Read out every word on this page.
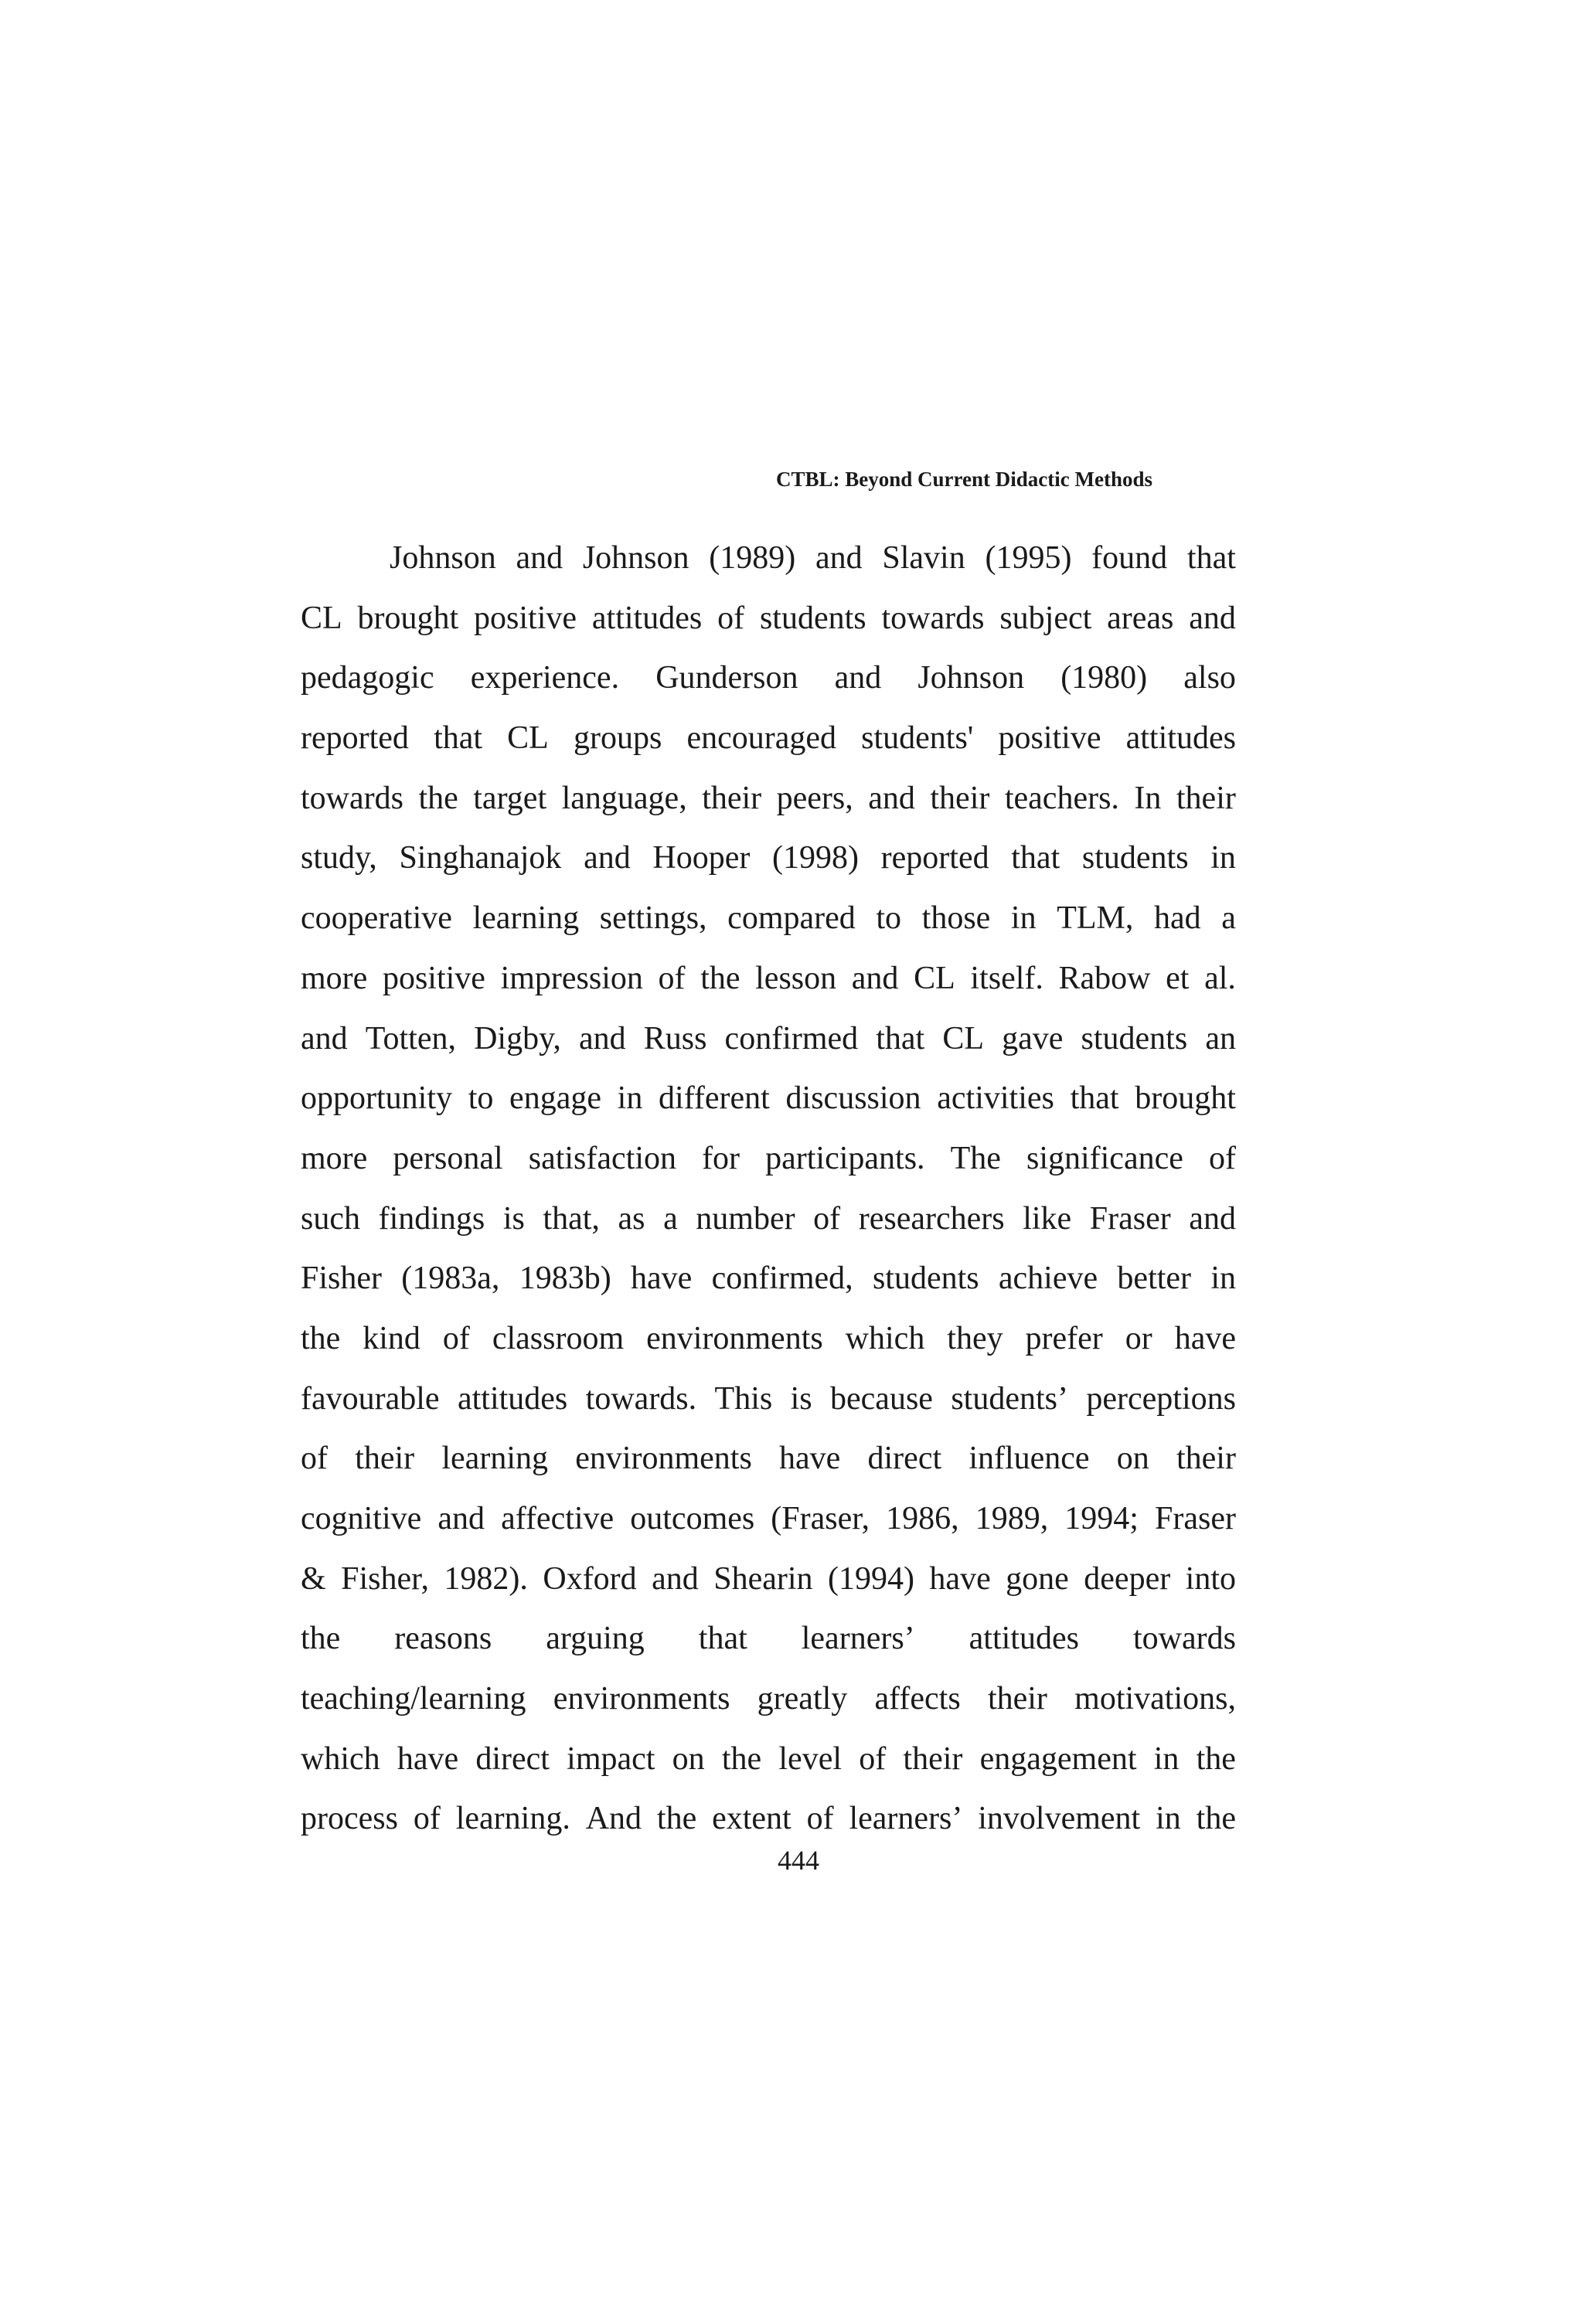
CTBL: Beyond Current Didactic Methods
Johnson and Johnson (1989) and Slavin (1995) found that
CL brought positive attitudes of students towards subject areas and
pedagogic experience. Gunderson and Johnson (1980) also
reported that CL groups encouraged students' positive attitudes
towards the target language, their peers, and their teachers. In their
study, Singhanajok and Hooper (1998) reported that students in
cooperative learning settings, compared to those in TLM, had a
more positive impression of the lesson and CL itself. Rabow et al.
and Totten, Digby, and Russ confirmed that CL gave students an
opportunity to engage in different discussion activities that brought
more personal satisfaction for participants. The significance of
such findings is that, as a number of researchers like Fraser and
Fisher (1983a, 1983b) have confirmed, students achieve better in
the kind of classroom environments which they prefer or have
favourable attitudes towards. This is because students’ perceptions
of their learning environments have direct influence on their
cognitive and affective outcomes (Fraser, 1986, 1989, 1994; Fraser
& Fisher, 1982). Oxford and Shearin (1994) have gone deeper into
the reasons arguing that learners’ attitudes towards
teaching/learning environments greatly affects their motivations,
which have direct impact on the level of their engagement in the
process of learning. And the extent of learners’ involvement in the
444
